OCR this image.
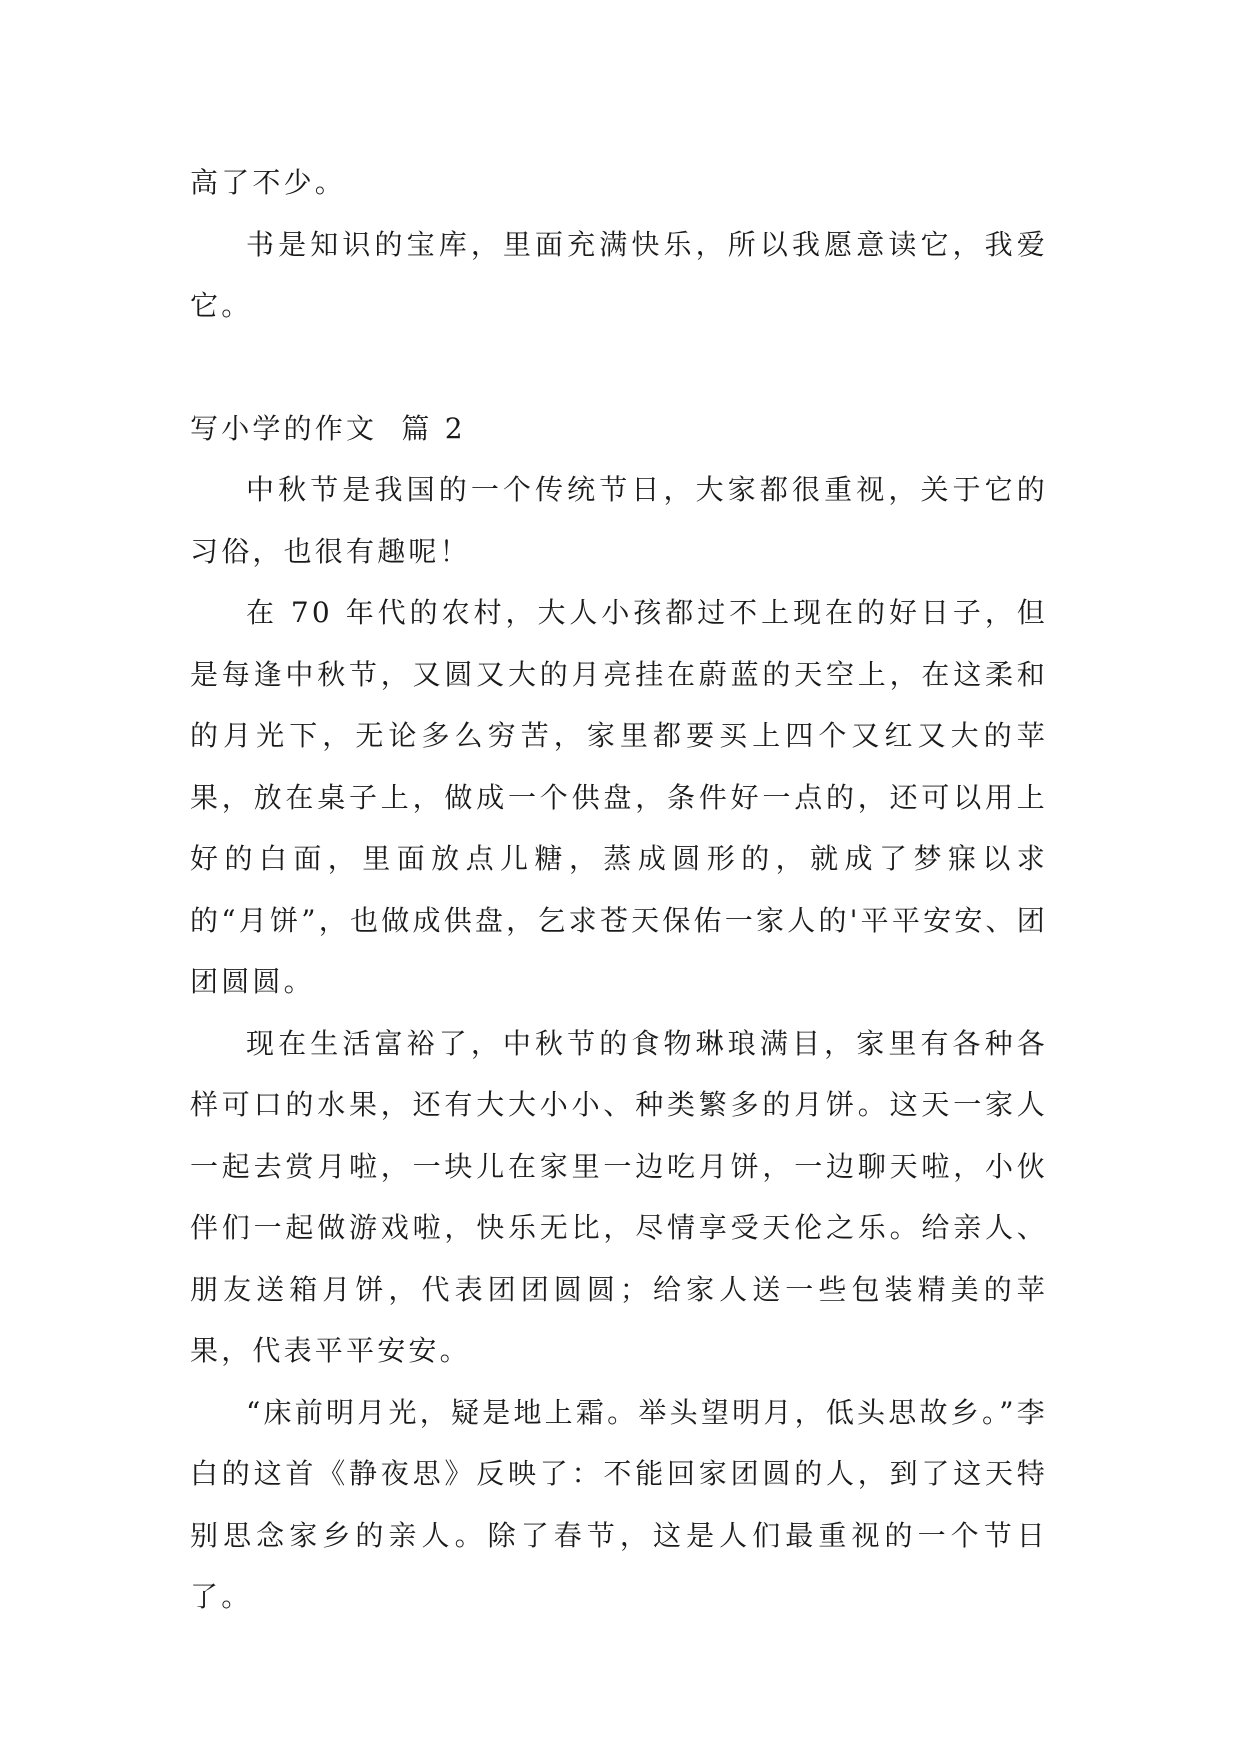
高了不少。

书是知识的宝库，里面充满快乐，所以我愿意读它，我爱它。

写小学的作文  篇 2

中秋节是我国的一个传统节日，大家都很重视，关于它的习俗，也很有趣呢！

在 70 年代的农村，大人小孩都过不上现在的好日子，但是每逢中秋节，又圆又大的月亮挂在蔚蓝的天空上，在这柔和的月光下，无论多么穷苦，家里都要买上四个又红又大的苹果，放在桌子上，做成一个供盘，条件好一点的，还可以用上好的白面，里面放点儿糖，蒸成圆形的，就成了梦寐以求的“月饼”，也做成供盘，乞求苍天保佑一家人的'平平安安、团团圆圆。

现在生活富裕了，中秋节的食物琳琅满目，家里有各种各样可口的水果，还有大大小小、种类繁多的月饼。这天一家人一起去赏月啦，一块儿在家里一边吃月饼，一边聊天啦，小伙伴们一起做游戏啦，快乐无比，尽情享受天伦之乐。给亲人、朋友送箱月饼，代表团团圆圆；给家人送一些包装精美的苹果，代表平平安安。

“床前明月光，疑是地上霜。举头望明月，低头思故乡。”李白的这首《静夜思》反映了：不能回家团圆的人，到了这天特别思念家乡的亲人。除了春节，这是人们最重视的一个节日了。
